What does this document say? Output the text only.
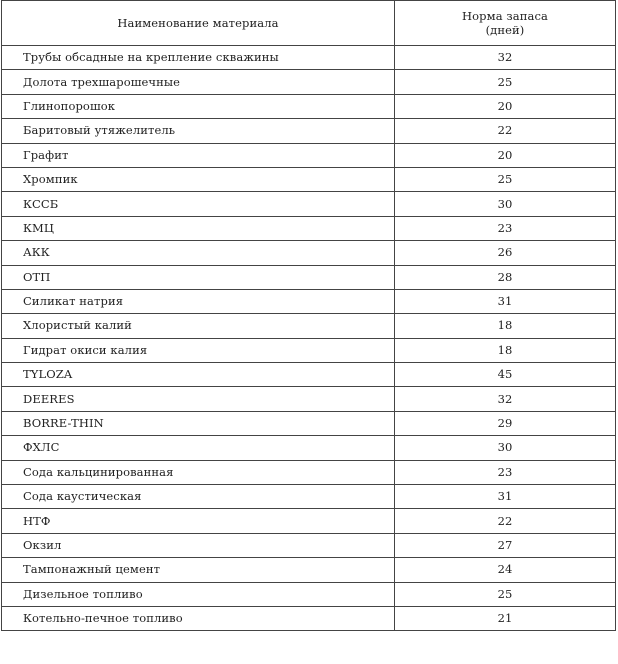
Наименование материала	Норма запаса
(дней)

Трубы обсадные на крепление скважины	32
Долота трехшарошечные	25
Глинопорошок	20
Баритовый утяжелитель	22
Графит	20
Хромпик	25
КССБ	30
КМЦ	23
АКК	26
ОТП	28
Силикат натрия	31
Хлористый калий	18
Гидрат окиси калия	18
TYLOZA	45
DEERES	32
BORRE-THIN	29
ФХЛС	30
Сода кальцинированная	23
Сода каустическая	31
НТФ	22
Окзил	27
Тампонажный цемент	24
Дизельное топливо	25
Котельно-печное топливо	21
